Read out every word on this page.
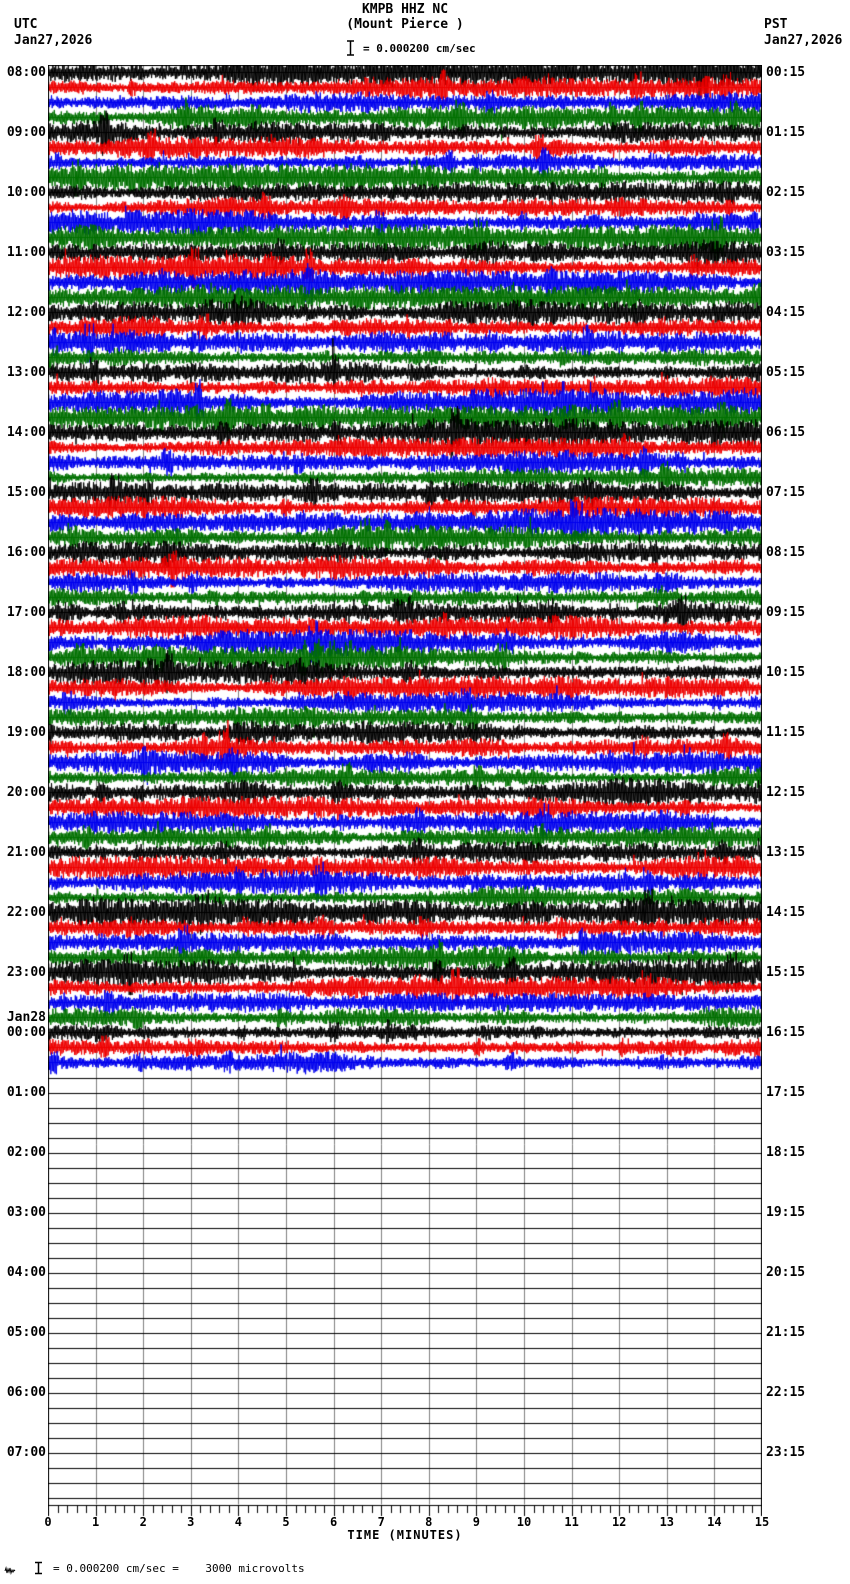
UTC
Jan27,2026
PST
Jan27,2026
KMPB HHZ NC
(Mount Pierce )
= 0.000200 cm/sec
08:00
09:00
10:00
11:00
12:00
13:00
14:00
15:00
16:00
17:00
18:00
19:00
20:00
21:00
22:00
23:00
00:00
Jan28
01:00
02:00
03:00
04:00
05:00
06:00
07:00
00:15
01:15
02:15
03:15
04:15
05:15
06:15
07:15
08:15
09:15
10:15
11:15
12:15
13:15
14:15
15:15
16:15
17:15
18:15
19:15
20:15
21:15
22:15
23:15
0	1	2	3	4	5	6	7	8	9	10	11	12	13	14	15
TIME (MINUTES)
= 0.000200 cm/sec =    3000 microvolts
